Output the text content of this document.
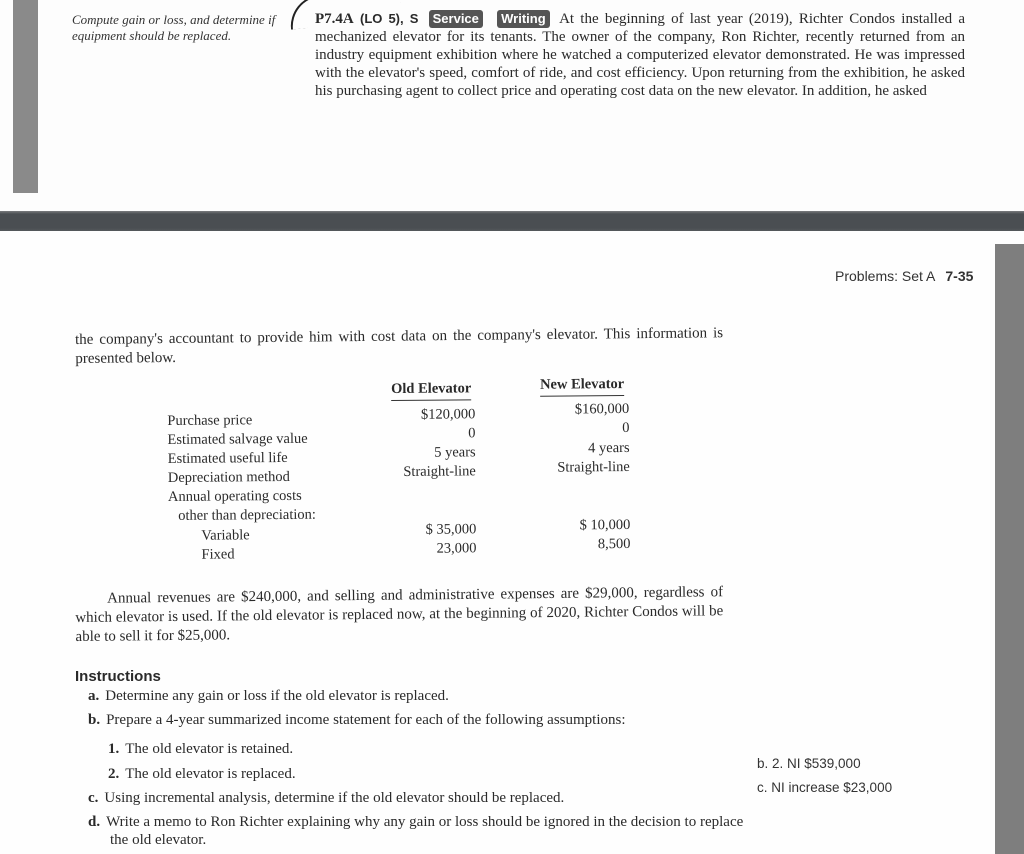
Compute gain or loss, and determine if equipment should be replaced.
P7.4A (LO 5), S Service Writing At the beginning of last year (2019), Richter Condos installed a mechanized elevator for its tenants. The owner of the company, Ron Richter, recently returned from an industry equipment exhibition where he watched a computerized elevator demonstrated. He was impressed with the elevator's speed, comfort of ride, and cost efficiency. Upon returning from the exhibition, he asked his purchasing agent to collect price and operating cost data on the new elevator. In addition, he asked
Problems: Set A 7-35
the company's accountant to provide him with cost data on the company's elevator. This information is presented below.
Old Elevator	New Elevator
Purchase price	$120,000	$160,000
Estimated salvage value	0	0
Estimated useful life	5 years	4 years
Depreciation method	Straight-line	Straight-line
Annual operating costs
other than depreciation:
Variable	$ 35,000	$ 10,000
Fixed	23,000	8,500
Annual revenues are $240,000, and selling and administrative expenses are $29,000, regardless of which elevator is used. If the old elevator is replaced now, at the beginning of 2020, Richter Condos will be able to sell it for $25,000.
Instructions
a. Determine any gain or loss if the old elevator is replaced.
b. Prepare a 4-year summarized income statement for each of the following assumptions:
1. The old elevator is retained.
2. The old elevator is replaced.
c. Using incremental analysis, determine if the old elevator should be replaced.
d. Write a memo to Ron Richter explaining why any gain or loss should be ignored in the decision to replace the old elevator.
b. 2. NI $539,000
c. NI increase $23,000
